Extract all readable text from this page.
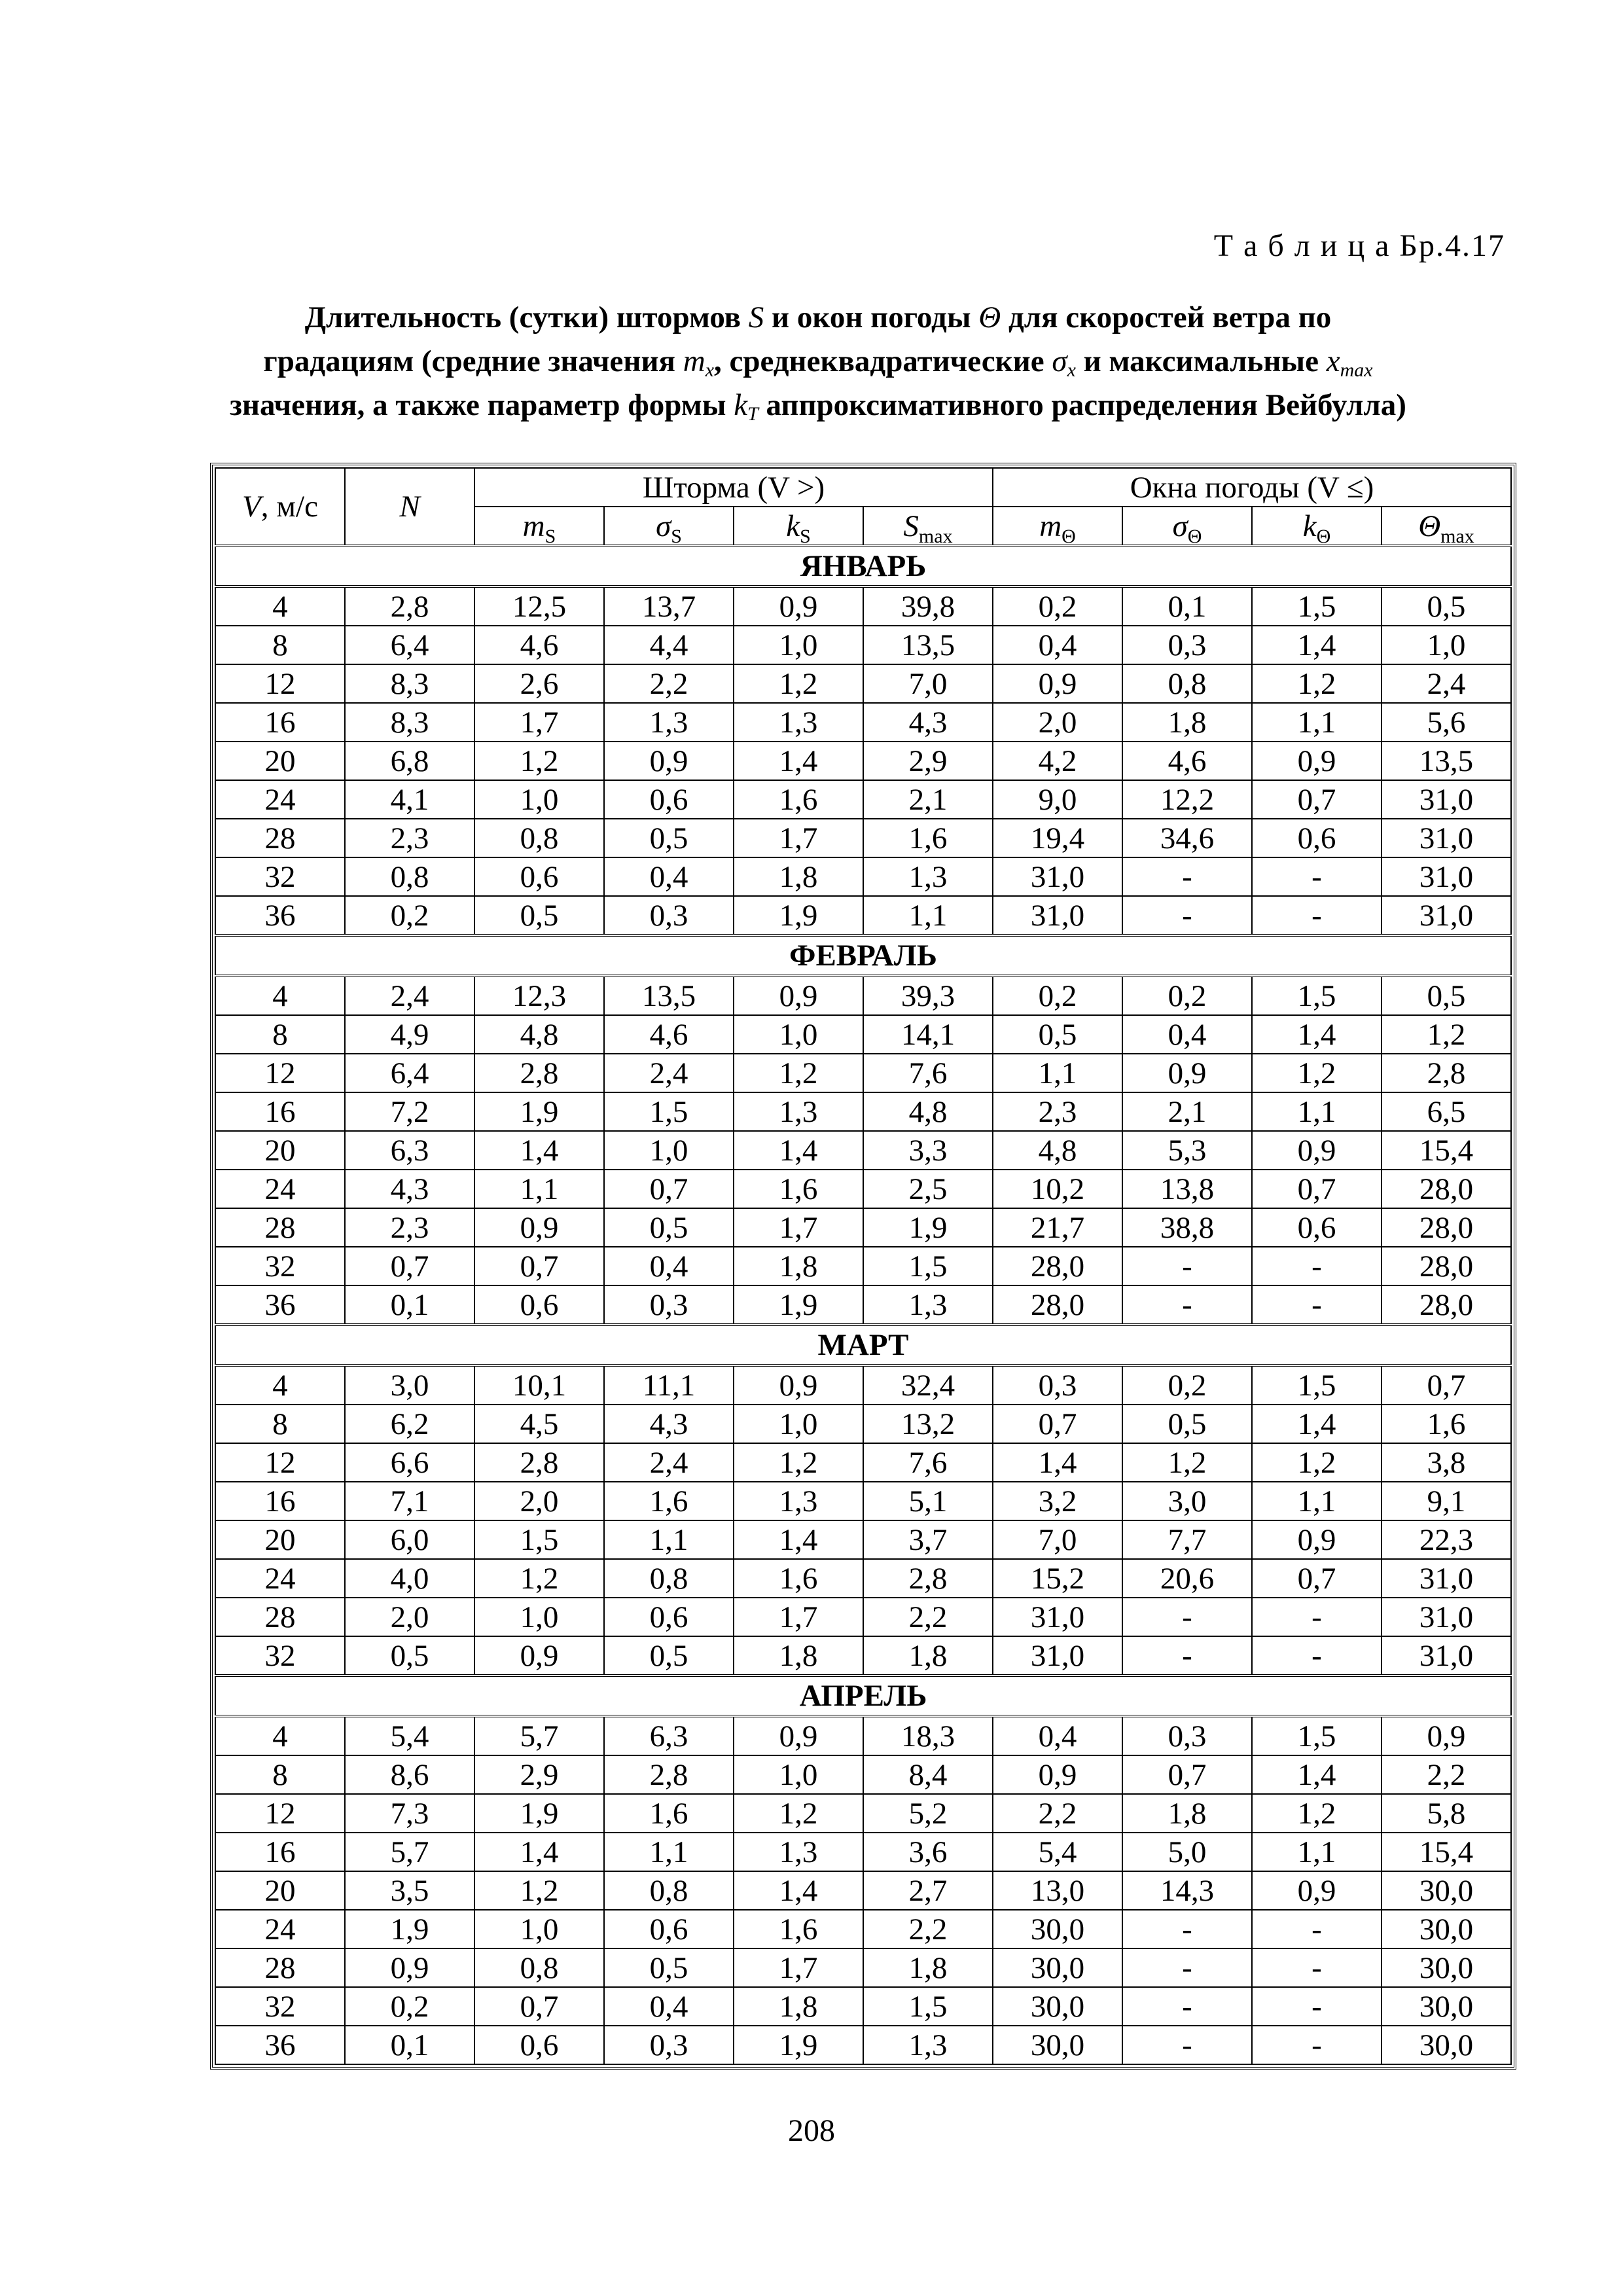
Т а б л и ц а Бр.4.17
Длительность (сутки) штормов S и окон погоды Θ для скоростей ветра по
градациям (средние значения $m_x$, среднеквадратические $\sigma_x$ и максимальные $x_{max}$
значения, а также параметр формы $k_T$ аппроксимативного распределения Вейбулла)
V, м/с	N	Шторма (V >)				Окна погоды (V ≤)			
		$m_S$	$\sigma_S$	$k_S$	$S_{max}$	$m_\Theta$	$\sigma_\Theta$	$k_\Theta$	$\Theta_{max}$
ЯНВАРЬ									
4	2,8	12,5	13,7	0,9	39,8	0,2	0,1	1,5	0,5
8	6,4	4,6	4,4	1,0	13,5	0,4	0,3	1,4	1,0
12	8,3	2,6	2,2	1,2	7,0	0,9	0,8	1,2	2,4
16	8,3	1,7	1,3	1,3	4,3	2,0	1,8	1,1	5,6
20	6,8	1,2	0,9	1,4	2,9	4,2	4,6	0,9	13,5
24	4,1	1,0	0,6	1,6	2,1	9,0	12,2	0,7	31,0
28	2,3	0,8	0,5	1,7	1,6	19,4	34,6	0,6	31,0
32	0,8	0,6	0,4	1,8	1,3	31,0	-	-	31,0
36	0,2	0,5	0,3	1,9	1,1	31,0	-	-	31,0
ФЕВРАЛЬ									
4	2,4	12,3	13,5	0,9	39,3	0,2	0,2	1,5	0,5
8	4,9	4,8	4,6	1,0	14,1	0,5	0,4	1,4	1,2
12	6,4	2,8	2,4	1,2	7,6	1,1	0,9	1,2	2,8
16	7,2	1,9	1,5	1,3	4,8	2,3	2,1	1,1	6,5
20	6,3	1,4	1,0	1,4	3,3	4,8	5,3	0,9	15,4
24	4,3	1,1	0,7	1,6	2,5	10,2	13,8	0,7	28,0
28	2,3	0,9	0,5	1,7	1,9	21,7	38,8	0,6	28,0
32	0,7	0,7	0,4	1,8	1,5	28,0	-	-	28,0
36	0,1	0,6	0,3	1,9	1,3	28,0	-	-	28,0
МАРТ									
4	3,0	10,1	11,1	0,9	32,4	0,3	0,2	1,5	0,7
8	6,2	4,5	4,3	1,0	13,2	0,7	0,5	1,4	1,6
12	6,6	2,8	2,4	1,2	7,6	1,4	1,2	1,2	3,8
16	7,1	2,0	1,6	1,3	5,1	3,2	3,0	1,1	9,1
20	6,0	1,5	1,1	1,4	3,7	7,0	7,7	0,9	22,3
24	4,0	1,2	0,8	1,6	2,8	15,2	20,6	0,7	31,0
28	2,0	1,0	0,6	1,7	2,2	31,0	-	-	31,0
32	0,5	0,9	0,5	1,8	1,8	31,0	-	-	31,0
АПРЕЛЬ									
4	5,4	5,7	6,3	0,9	18,3	0,4	0,3	1,5	0,9
8	8,6	2,9	2,8	1,0	8,4	0,9	0,7	1,4	2,2
12	7,3	1,9	1,6	1,2	5,2	2,2	1,8	1,2	5,8
16	5,7	1,4	1,1	1,3	3,6	5,4	5,0	1,1	15,4
20	3,5	1,2	0,8	1,4	2,7	13,0	14,3	0,9	30,0
24	1,9	1,0	0,6	1,6	2,2	30,0	-	-	30,0
28	0,9	0,8	0,5	1,7	1,8	30,0	-	-	30,0
32	0,2	0,7	0,4	1,8	1,5	30,0	-	-	30,0
36	0,1	0,6	0,3	1,9	1,3	30,0	-	-	30,0
208
